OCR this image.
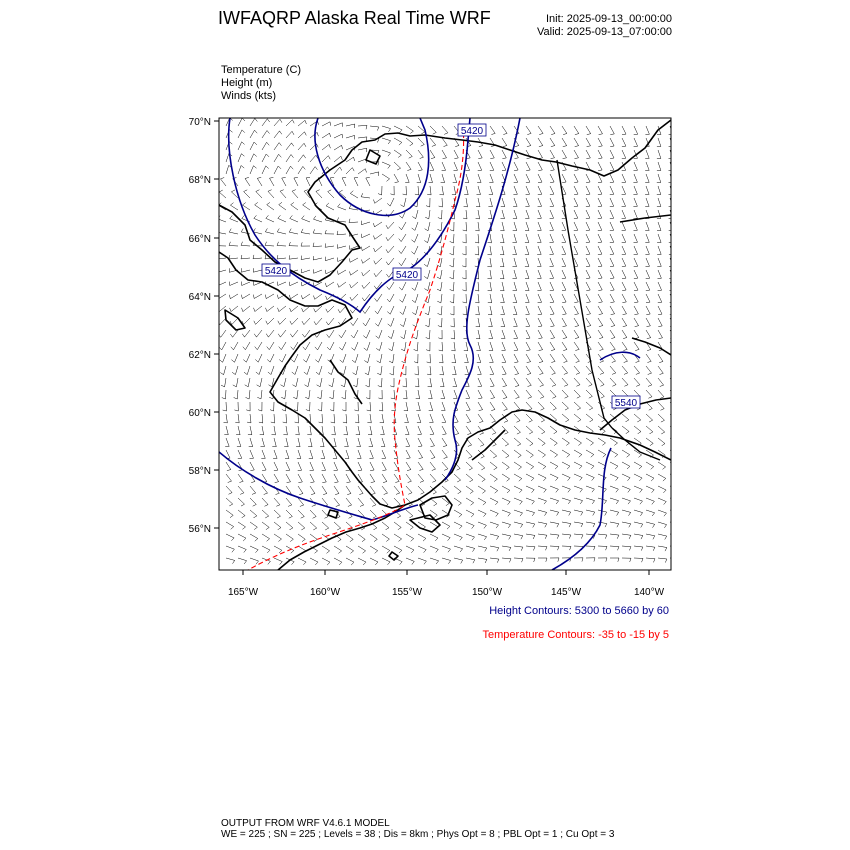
IWFAQRP Alaska Real Time WRF	Init: 2025-09-13_00:00:00
Valid: 2025-09-13_07:00:00
Temperature (C)
Height (m)
Winds (kts)
5420
5420	5420
5540
70°N
68°N
66°N
64°N
62°N
60°N
58°N
56°N
165°W	160°W	155°W	150°W	145°W	140°W
Height Contours: 5300 to 5660 by 60
Temperature Contours: -35 to -15 by 5
OUTPUT FROM WRF V4.6.1 MODEL
WE = 225 ; SN = 225 ; Levels = 38 ; Dis = 8km ; Phys Opt = 8 ; PBL Opt = 1 ; Cu Opt = 3
